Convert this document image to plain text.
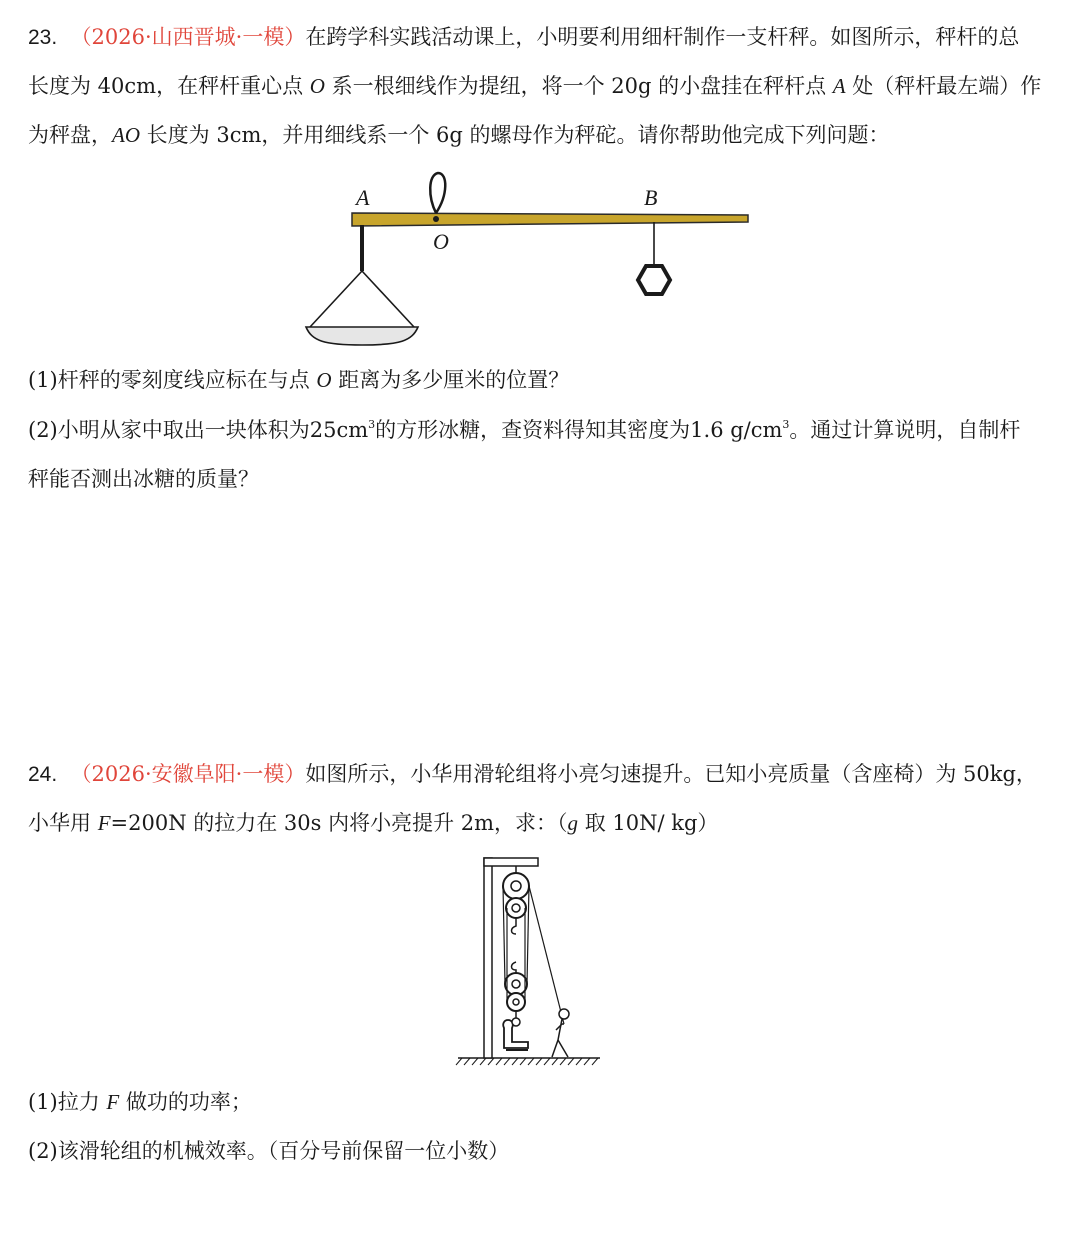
23. （2026·山西晋城·一模）在跨学科实践活动课上，小明要利用细杆制作一支杆秤。如图所示，秤杆的总
长度为 40cm，在秤杆重心点 O 系一根细线作为提纽，将一个 20g 的小盘挂在秤杆点 A 处（秤杆最左端）作
为秤盘，AO 长度为 3cm，并用细线系一个 6g 的螺母作为秤砣。请你帮助他完成下列问题：
A
O
B
(1)杆秤的零刻度线应标在与点 O 距离为多少厘米的位置？
(2)小明从家中取出一块体积为$25cm^3$的方形冰糖，查资料得知其密度为1.6 $g/cm^3$。通过计算说明，自制杆
秤能否测出冰糖的质量？
24. （2026·安徽阜阳·一模）如图所示，小华用滑轮组将小亮匀速提升。已知小亮质量（含座椅）为 50kg，
小华用 F=200N 的拉力在 30s 内将小亮提升 2m，求：（g 取 10N/ kg）
(1)拉力 F 做功的功率；
(2)该滑轮组的机械效率。（百分号前保留一位小数）
